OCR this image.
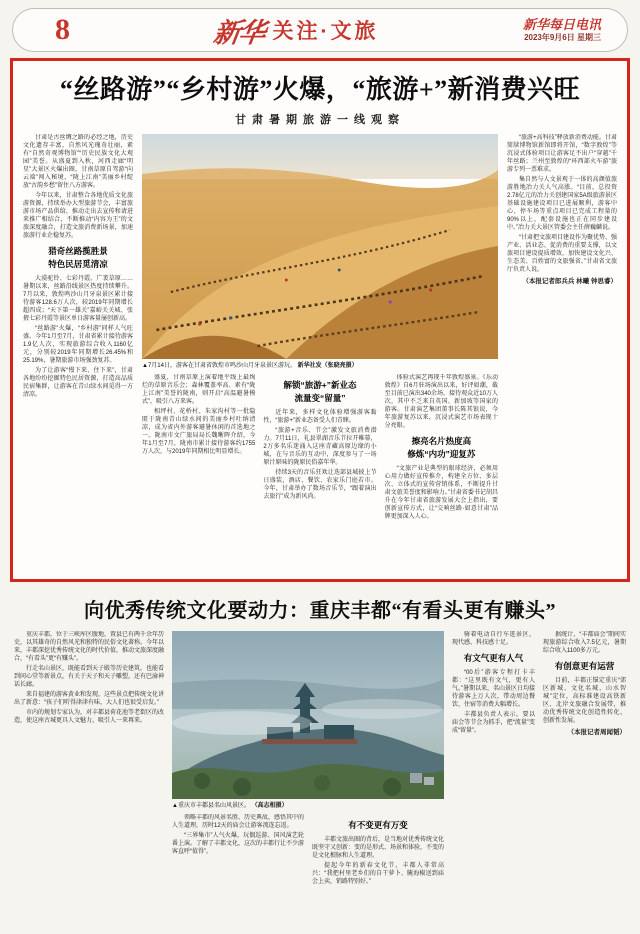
8	新华 关注·文旅	新华每日电讯
2023年9月6日 星期三
“丝路游”“乡村游”火爆，“旅游+”新消费兴旺
甘肃暑期旅游一线观察

甘肃是古丝绸之路的必经之地，历史文化遗存丰富，自然风光瑰奇壮丽，素有“自然奇观博物馆”“历史民族文化大观园”美誉。从盛夏到入秋，河西走廊“明星”大景区火爆出圈，甘南草原自驾游“向云端”闯入秘境，“陇上江南”美丽乡村绽放“古韵乡愁”留住八方游客。

今年以来，甘肃整合各地优质文化旅游资源，持续举办大型旅游节会，丰富旅游市场产品供给，推动走出去宣传和请进来推广相结合，不断推动“内容为王”的文旅深度融合，打造文旅消费新场景，加速旅游行业企稳复苏。

猎奇丝路揽胜景
特色民居觅清凉

大漠驼铃、七彩丹霞、广袤草原……暑期以来，丝路沿线景区热度持续攀升。7月以来，敦煌鸣沙山月牙泉景区累计接待游客128.6万人次，较2019年同期增长超四成；“天下第一雄关”嘉峪关关城、张掖七彩丹霞等景区单日游客量屡创新高。

“丝路游”火爆，“乡村游”同样人气旺盛。今年1月至7月，甘肃省累计接待游客1.9亿人次，实现旅游综合收入1160亿元，分别较2019年同期增长26.45%和25.19%，暑期旅游市场强劲复苏。

为了让游客“慢下来、住下来”，甘肃各地纷纷挖掘特色民居资源，打造高品质民宿集群，让游客在青山绿水间觅得一方清凉。

▲7月14日，游客在甘肃省敦煌市鸣沙山月牙泉景区游玩。 新华社发（张晓亮摄）

盛夏，甘南草原上演着地平线上最绚烂的草原音乐会；森林覆盖率高、素有“陇上江南”美誉的陇南，则开启“高温避暑模式”，吸引八方来客。

相坪村、花桥村、朱家沟村等一批隐匿于陇南青山绿水间的美丽乡村吐纳清凉，成为省内外游客避暑休闲的首选地之一。陇南市文广旅局局长魏晰晖介绍，今年1月至7月，陇南市累计接待游客约1755万人次，与2019年同期相比明显增长。

解锁“旅游+”新业态
流量变“留量”

近年来，多样文化体验增强游客黏性，“旅游+”新业态备受人们青睐。

“旅游+音乐、节会”激发文旅消费潜力。7月11日，礼县翠湖音乐节拉开帷幕，2万多名乐迷涌入这座青藏高原边缘的小城，在与音乐的互动中，深度参与了一场原汁原味的陇原民俗嘉年华。

持续3天的音乐狂欢让迭部县城披上节日盛装，酒店、餐饮、农家乐门庭若市。今年，甘肃举办了数场音乐节，“跟着演出去旅行”成为新风尚。

体验式演艺再现千年敦煌盛景。《乐动敦煌》自6月驻场演出以来，好评如潮，截至目前已演出340余场，接待观众近10万人次，其中不乏来自英国、新加坡等国家的游客。甘肃演艺集团董事长陈其银说，今年旅游复苏以来，沉浸式演艺市场表现十分亮眼。

擦亮名片热度高
修炼“内功”迎复苏

“文旅产业是典型的眼球经济，必须用心用力做好宣传推介，构建全方位、多层次、立体式的宣传营销体系，不断提升甘肃文旅美誉度和影响力。”甘肃省委书记胡昌升在今年甘肃省旅游发展大会上指出，要创新宣传方式，让“交响丝路·如意甘肃”品牌更加深入人心。

“旅游+高科技”释放新消费动能。甘肃简牍博物馆新馆即将开馆，“数字敦煌”等沉浸式体验项目让游客足不出户“穿越”千年丝路；兰州至敦煌的“环西部火车游”旅游专列一票难求。

集自然与人文景观于一体的高颜值旅游胜地冶力关人气高涨。“目前，总投资2.78亿元的冶力关创建国家5A级旅游景区基础设施建设项目已进展顺利，游客中心、停车场等重点项目已完成工程量的90%以上，配套设施也正在同步建设中。”冶力关大景区管委会主任薛巍麟说。

“甘肃把文旅项目建设作为聚优势、强产业、活业态、促消费的重要支撑，以文旅项目建设提质增效，加快建设文化兴、生态美、百姓富的文旅强省。”甘肃省文旅厅负责人说。

（本报记者郎兵兵 林曦 钟思睿）

向优秀传统文化要动力：重庆丰都“有看头更有赚头”

重庆丰都，位于三峡库区腹地，置县已有两千余年历史，以其雄奇的自然风光和独特的民俗文化著称。今年以来，丰都深挖优秀传统文化的时代价值，推动文旅深度融合，“有看头”更“有赚头”。

行走名山景区，既能看到天子殿等历史建筑，也能看到问心堂等新景点，有关于天子和天子雕塑，还有巴渝神话长廊。

来自福建的游客黄业和发现，这些景点把传统文化讲出了新意：“孩子们听得津津有味，大人们也很受启发。”

市内的规划专家认为，对丰都县荷花池等老街区的改造，使这座古城更具人文魅力，吸引人一来再来。

▲重庆市丰都县名山风景区。 （高志相摄）

领略丰都的风景名胜、历史典故，感悟其中的人生道理，历时12天的庙会让游客流连忘返。

“三界集市”人气火爆，玩偶巡游、国风演艺轮番上演。了解了丰都文化，这次的丰都行让不少游客直呼“值得”。

有不变更有万变

丰都文旅出圈的背后，是当地对优秀传统文化既坚守又创新：变的是形式、场景和体验，不变的是文化根脉和人生道理。

提起今年的新春文化节，丰都人非常高兴：“我把村里老乡们的自干萝卜、腌海椒送到庙会上卖，销路特别好。”

骑着电动自行车逛景区，现代感、科技感十足。

有文气更有人气

“00后”游客专程打卡丰都：“这里既有文气，更有人气。”暑期以来，名山景区日均接待游客上万人次，带动周边餐饮、住宿等消费大幅增长。

丰都县负责人表示，要以庙会等节会为抓手，把“流量”变成“留量”。

据统计，“丰都庙会”期间实现旅游综合收入7.5亿元，暑期综合收入1100多万元。

有创意更有运营

目前，丰都正锚定重庆“郊区新城、文化名城、山水智城”定位，高标准建设高铁新区、北岸文旅融合发展带，推动优秀传统文化创造性转化、创新性发展。

（本报记者周闻韬）
